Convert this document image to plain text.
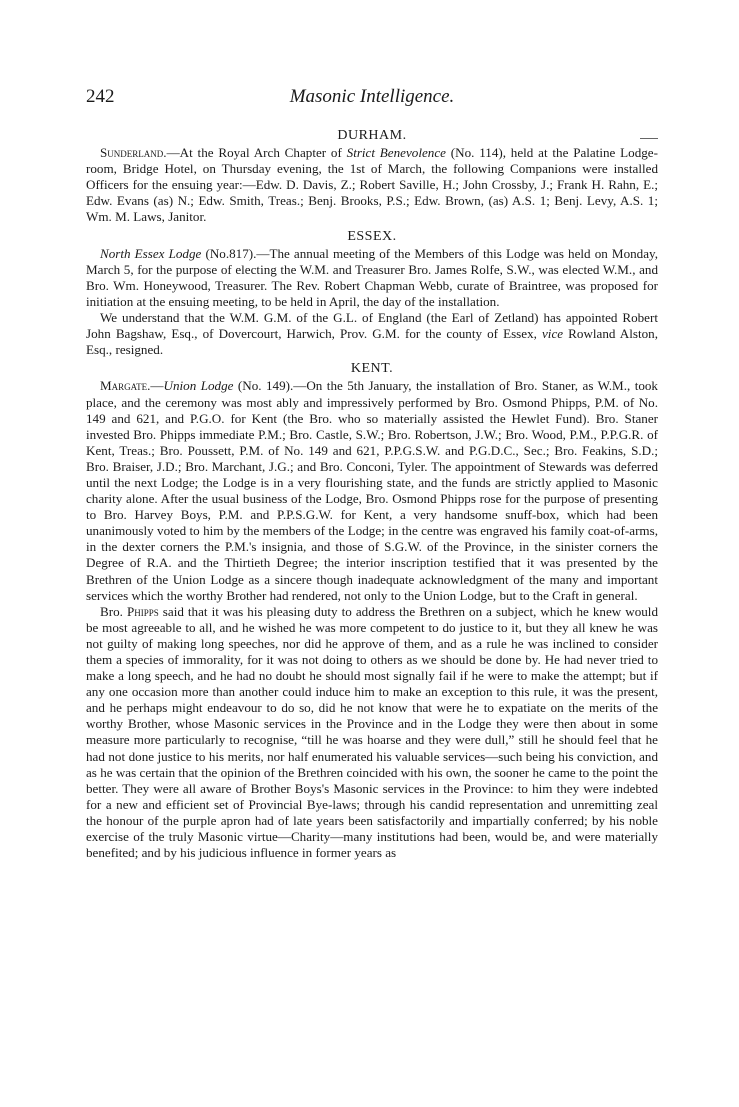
242	Masonic Intelligence.
DURHAM.

Sunderland.—At the Royal Arch Chapter of Strict Benevolence (No. 114), held at the Palatine Lodge-room, Bridge Hotel, on Thursday evening, the 1st of March, the following Companions were installed Officers for the ensuing year:—Edw. D. Davis, Z.; Robert Saville, H.; John Crossby, J.; Frank H. Rahn, E.; Edw. Evans (as) N.; Edw. Smith, Treas.; Benj. Brooks, P.S.; Edw. Brown, (as) A.S. 1; Benj. Levy, A.S. 1; Wm. M. Laws, Janitor.

ESSEX.

North Essex Lodge (No.817).—The annual meeting of the Members of this Lodge was held on Monday, March 5, for the purpose of electing the W.M. and Treasurer Bro. James Rolfe, S.W., was elected W.M., and Bro. Wm. Honeywood, Treasurer. The Rev. Robert Chapman Webb, curate of Braintree, was proposed for initiation at the ensuing meeting, to be held in April, the day of the installation.

We understand that the W.M. G.M. of the G.L. of England (the Earl of Zetland) has appointed Robert John Bagshaw, Esq., of Dovercourt, Harwich, Prov. G.M. for the county of Essex, vice Rowland Alston, Esq., resigned.

KENT.

Margate.—Union Lodge (No. 149).—On the 5th January, the installation of Bro. Staner, as W.M., took place, and the ceremony was most ably and impressively performed by Bro. Osmond Phipps, P.M. of No. 149 and 621, and P.G.O. for Kent (the Bro. who so materially assisted the Hewlet Fund). Bro. Staner invested Bro. Phipps immediate P.M.; Bro. Castle, S.W.; Bro. Robertson, J.W.; Bro. Wood, P.M., P.P.G.R. of Kent, Treas.; Bro. Poussett, P.M. of No. 149 and 621, P.P.G.S.W. and P.G.D.C., Sec.; Bro. Feakins, S.D.; Bro. Braiser, J.D.; Bro. Marchant, J.G.; and Bro. Conconi, Tyler. The appointment of Stewards was deferred until the next Lodge; the Lodge is in a very flourishing state, and the funds are strictly applied to Masonic charity alone. After the usual business of the Lodge, Bro. Osmond Phipps rose for the purpose of presenting to Bro. Harvey Boys, P.M. and P.P.S.G.W. for Kent, a very handsome snuff-box, which had been unanimously voted to him by the members of the Lodge; in the centre was engraved his family coat-of-arms, in the dexter corners the P.M.'s insignia, and those of S.G.W. of the Province, in the sinister corners the Degree of R.A. and the Thirtieth Degree; the interior inscription testified that it was presented by the Brethren of the Union Lodge as a sincere though inadequate acknowledgment of the many and important services which the worthy Brother had rendered, not only to the Union Lodge, but to the Craft in general.

Bro. Phipps said that it was his pleasing duty to address the Brethren on a subject, which he knew would be most agreeable to all, and he wished he was more competent to do justice to it, but they all knew he was not guilty of making long speeches, nor did he approve of them, and as a rule he was inclined to consider them a species of immorality, for it was not doing to others as we should be done by. He had never tried to make a long speech, and he had no doubt he should most signally fail if he were to make the attempt; but if any one occasion more than another could induce him to make an exception to this rule, it was the present, and he perhaps might endeavour to do so, did he not know that were he to expatiate on the merits of the worthy Brother, whose Masonic services in the Province and in the Lodge they were then about in some measure more particularly to recognise, “till he was hoarse and they were dull,” still he should feel that he had not done justice to his merits, nor half enumerated his valuable services—such being his conviction, and as he was certain that the opinion of the Brethren coincided with his own, the sooner he came to the point the better. They were all aware of Brother Boys's Masonic services in the Province: to him they were indebted for a new and efficient set of Provincial Bye-laws; through his candid representation and unremitting zeal the honour of the purple apron had of late years been satisfactorily and impartially conferred; by his noble exercise of the truly Masonic virtue—Charity—many institutions had been, would be, and were materially benefited; and by his judicious influence in former years as
